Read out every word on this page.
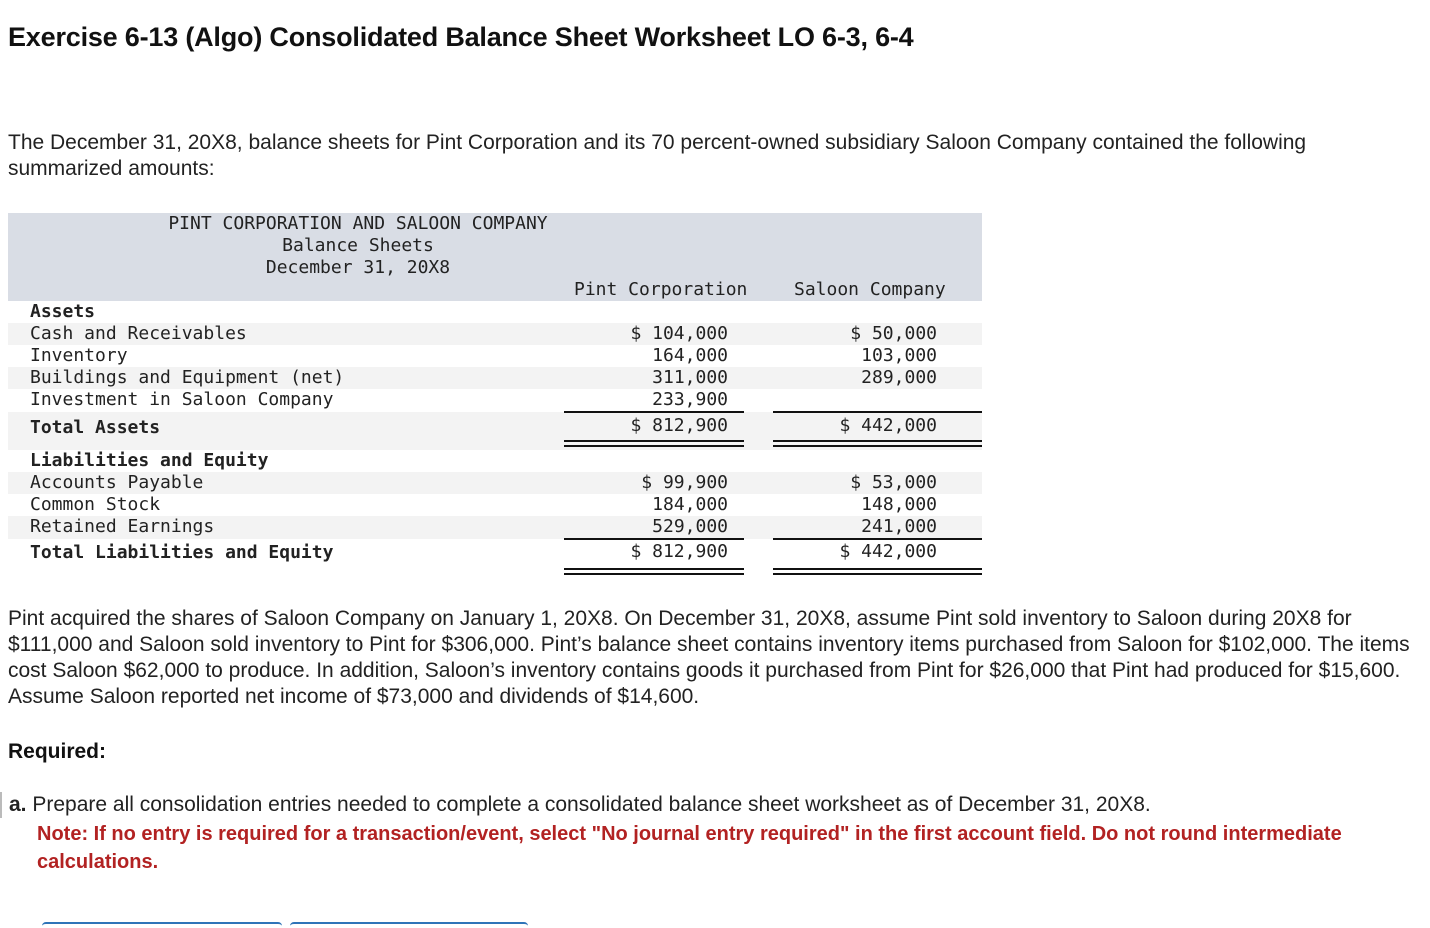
Exercise 6-13 (Algo) Consolidated Balance Sheet Worksheet LO 6-3, 6-4

The December 31, 20X8, balance sheets for Pint Corporation and its 70 percent-owned subsidiary Saloon Company contained the following summarized amounts:

PINT CORPORATION AND SALOON COMPANY
Balance Sheets
December 31, 20X8
Pint Corporation	Saloon Company
Assets
Cash and Receivables	$ 104,000	$ 50,000
Inventory	164,000	103,000
Buildings and Equipment (net)	311,000	289,000
Investment in Saloon Company	233,900
Total Assets	$ 812,900	$ 442,000
Liabilities and Equity
Accounts Payable	$ 99,900	$ 53,000
Common Stock	184,000	148,000
Retained Earnings	529,000	241,000
Total Liabilities and Equity	$ 812,900	$ 442,000

Pint acquired the shares of Saloon Company on January 1, 20X8. On December 31, 20X8, assume Pint sold inventory to Saloon during 20X8 for $111,000 and Saloon sold inventory to Pint for $306,000. Pint’s balance sheet contains inventory items purchased from Saloon for $102,000. The items cost Saloon $62,000 to produce. In addition, Saloon’s inventory contains goods it purchased from Pint for $26,000 that Pint had produced for $15,600. Assume Saloon reported net income of $73,000 and dividends of $14,600.

Required:

a. Prepare all consolidation entries needed to complete a consolidated balance sheet worksheet as of December 31, 20X8.

Note: If no entry is required for a transaction/event, select "No journal entry required" in the first account field. Do not round intermediate calculations.
